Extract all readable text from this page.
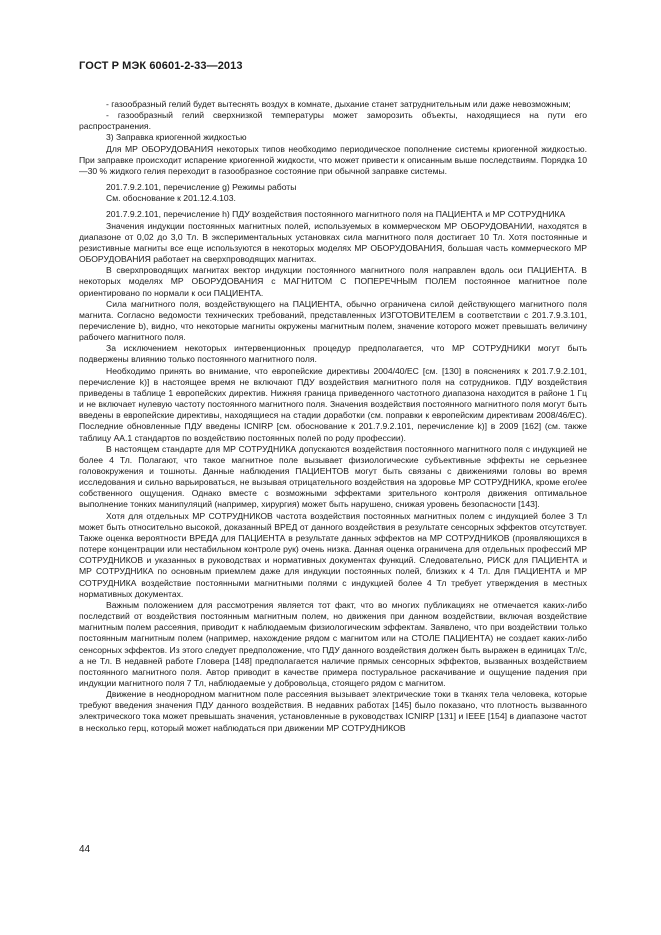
ГОСТ Р МЭК 60601-2-33—2013

- газообразный гелий будет вытеснять воздух в комнате, дыхание станет затруднительным или даже невозможным;

- газообразный гелий сверхнизкой температуры может заморозить объекты, находящиеся на пути его распространения.

3) Заправка криогенной жидкостью

Для МР ОБОРУДОВАНИЯ некоторых типов необходимо периодическое пополнение системы криогенной жидкостью. При заправке происходит испарение криогенной жидкости, что может привести к описанным выше последствиям. Порядка 10—30 % жидкого гелия переходит в газообразное состояние при обычной заправке системы.

201.7.9.2.101, перечисление g) Режимы работы

См. обоснование к 201.12.4.103.

201.7.9.2.101, перечисление h) ПДУ воздействия постоянного магнитного поля на ПАЦИЕНТА и МР СОТРУДНИКА

Значения индукции постоянных магнитных полей, используемых в коммерческом МР ОБОРУДОВАНИИ, находятся в диапазоне от 0,02 до 3,0 Тл. В экспериментальных установках сила магнитного поля достигает 10 Тл. Хотя постоянные и резистивные магниты все еще используются в некоторых моделях МР ОБОРУДОВАНИЯ, большая часть коммерческого МР ОБОРУДОВАНИЯ работает на сверхпроводящих магнитах.

В сверхпроводящих магнитах вектор индукции постоянного магнитного поля направлен вдоль оси ПАЦИЕНТА. В некоторых моделях МР ОБОРУДОВАНИЯ с МАГНИТОМ С ПОПЕРЕЧНЫМ ПОЛЕМ постоянное магнитное поле ориентировано по нормали к оси ПАЦИЕНТА.

Сила магнитного поля, воздействующего на ПАЦИЕНТА, обычно ограничена силой действующего магнитного поля магнита. Согласно ведомости технических требований, представленных ИЗГОТОВИТЕЛЕМ в соответствии с 201.7.9.3.101, перечисление b), видно, что некоторые магниты окружены магнитным полем, значение которого может превышать величину рабочего магнитного поля.

За исключением некоторых интервенционных процедур предполагается, что МР СОТРУДНИКИ могут быть подвержены влиянию только постоянного магнитного поля.

Необходимо принять во внимание, что европейские директивы 2004/40/ЕС [см. [130] в пояснениях к 201.7.9.2.101, перечисление k)] в настоящее время не включают ПДУ воздействия магнитного поля на сотрудников. ПДУ воздействия приведены в таблице 1 европейских директив. Нижняя граница приведенного частотного диапазона находится в районе 1 Гц и не включает нулевую частоту постоянного магнитного поля. Значения воздействия постоянного магнитного поля могут быть введены в европейские директивы, находящиеся на стадии доработки (см. поправки к европейским директивам 2008/46/ЕС). Последние обновленные ПДУ введены ICNIRP [см. обоснование к 201.7.9.2.101, перечисление k)] в 2009 [162] (см. также таблицу АА.1 стандартов по воздействию постоянных полей по роду профессии).

В настоящем стандарте для МР СОТРУДНИКА допускаются воздействия постоянного магнитного поля с индукцией не более 4 Тл. Полагают, что такое магнитное поле вызывает физиологические субъективные эффекты не серьезнее головокружения и тошноты. Данные наблюдения ПАЦИЕНТОВ могут быть связаны с движениями головы во время исследования и сильно варьироваться, не вызывая отрицательного воздействия на здоровье МР СОТРУДНИКА, кроме его/ее собственного ощущения. Однако вместе с возможными эффектами зрительного контроля движения оптимальное выполнение тонких манипуляций (например, хирургия) может быть нарушено, снижая уровень безопасности [143].

Хотя для отдельных МР СОТРУДНИКОВ частота воздействия постоянных магнитных полем с индукцией более 3 Тл может быть относительно высокой, доказанный ВРЕД от данного воздействия в результате сенсорных эффектов отсутствует. Также оценка вероятности ВРЕДА для ПАЦИЕНТА в результате данных эффектов на МР СОТРУДНИКОВ (проявляющихся в потере концентрации или нестабильном контроле рук) очень низка. Данная оценка ограничена для отдельных профессий МР СОТРУДНИКОВ и указанных в руководствах и нормативных документах функций. Следовательно, РИСК для ПАЦИЕНТА и МР СОТРУДНИКА по основным приемлем даже для индукции постоянных полей, близких к 4 Тл. Для ПАЦИЕНТА и МР СОТРУДНИКА воздействие постоянными магнитными полями с индукцией более 4 Тл требует утверждения в местных нормативных документах.

Важным положением для рассмотрения является тот факт, что во многих публикациях не отмечается каких-либо последствий от воздействия постоянным магнитным полем, но движения при данном воздействии, включая воздействие магнитным полем рассеяния, приводит к наблюдаемым физиологическим эффектам. Заявлено, что при воздействии только постоянным магнитным полем (например, нахождение рядом с магнитом или на СТОЛЕ ПАЦИЕНТА) не создает каких-либо сенсорных эффектов. Из этого следует предположение, что ПДУ данного воздействия должен быть выражен в единицах Тл/с, а не Тл. В недавней работе Гловера [148] предполагается наличие прямых сенсорных эффектов, вызванных воздействием постоянного магнитного поля. Автор приводит в качестве примера постуральное раскачивание и ощущение падения при индукции магнитного поля 7 Тл, наблюдаемые у добровольца, стоящего рядом с магнитом.

Движение в неоднородном магнитном поле рассеяния вызывает электрические токи в тканях тела человека, которые требуют введения значения ПДУ данного воздействия. В недавних работах [145] было показано, что плотность вызванного электрического тока может превышать значения, установленные в руководствах ICNIRP [131] и IEEE [154] в диапазоне частот в несколько герц, который может наблюдаться при движении МР СОТРУДНИКОВ

44
